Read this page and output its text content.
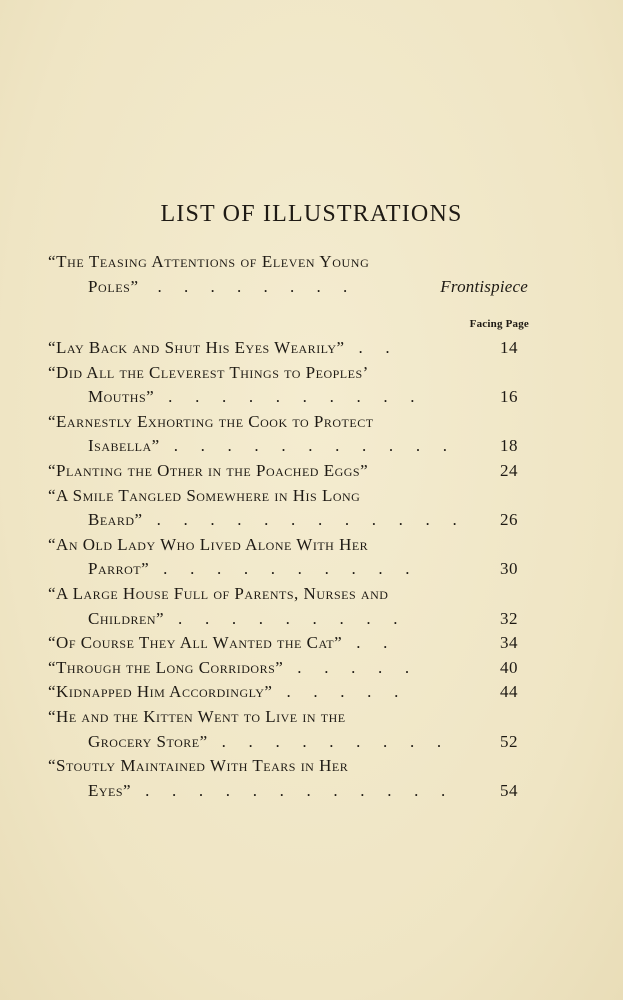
LIST OF ILLUSTRATIONS
“The Teasing Attentions of Eleven Young
Poles” . . . . . . . .	Frontispiece
Facing Page
“Lay Back and Shut His Eyes Wearily” . .	14
“Did All the Cleverest Things to Peoples’
Mouths” . . . . . . . . . .	16
“Earnestly Exhorting the Cook to Protect
Isabella” . . . . . . . . . . .	18
“Planting the Other in the Poached Eggs”	24
“A Smile Tangled Somewhere in His Long
Beard” . . . . . . . . . . . . 26
“An Old Lady Who Lived Alone With Her
Parrot” . . . . . . . . . .	30
“A Large House Full of Parents, Nurses and
Children” . . . . . . . . .	32
“Of Course They All Wanted the Cat” . .	34
“Through the Long Corridors” . . . . .	40
“Kidnapped Him Accordingly” . . . . .	44
“He and the Kitten Went to Live in the
Grocery Store” . . . . . . . . .	52
“Stoutly Maintained With Tears in Her
Eyes” . . . . . . . . . . . .	54
